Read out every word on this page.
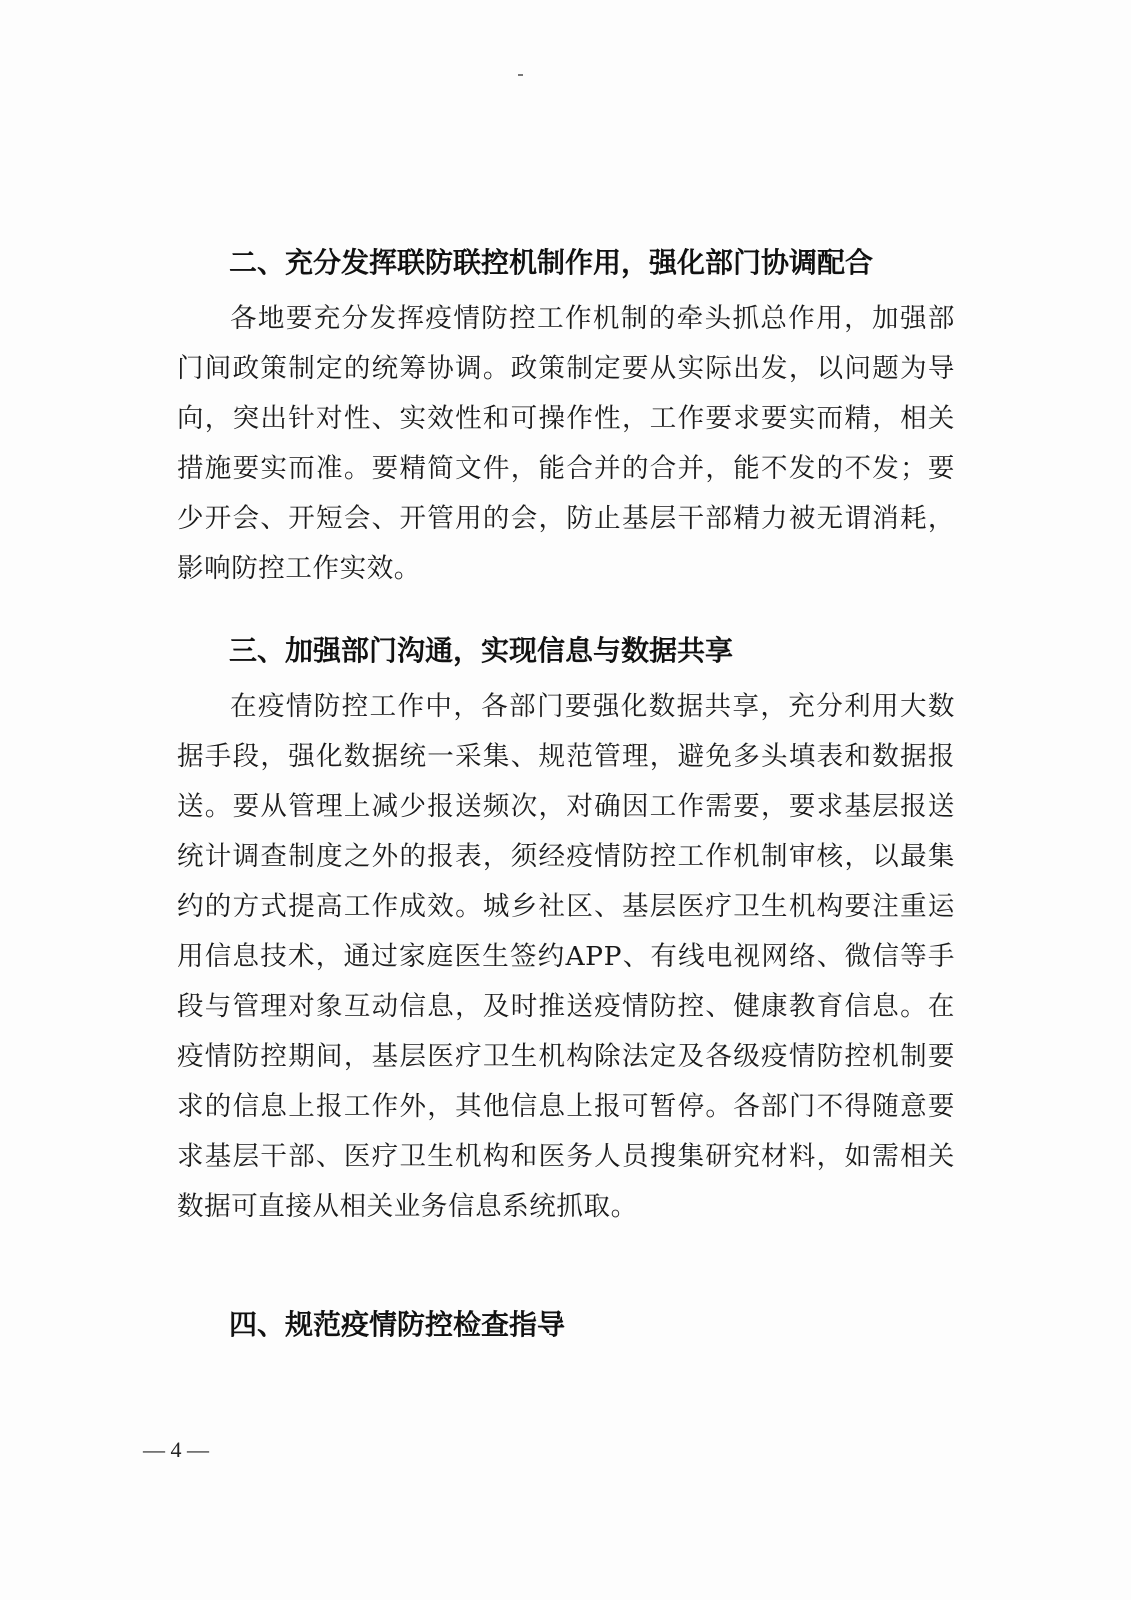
二、充分发挥联防联控机制作用，强化部门协调配合

各地要充分发挥疫情防控工作机制的牵头抓总作用，加强部门间政策制定的统筹协调。政策制定要从实际出发，以问题为导向，突出针对性、实效性和可操作性，工作要求要实而精，相关措施要实而准。要精简文件，能合并的合并，能不发的不发；要少开会、开短会、开管用的会，防止基层干部精力被无谓消耗，影响防控工作实效。

三、加强部门沟通，实现信息与数据共享

在疫情防控工作中，各部门要强化数据共享，充分利用大数据手段，强化数据统一采集、规范管理，避免多头填表和数据报送。要从管理上减少报送频次，对确因工作需要，要求基层报送统计调查制度之外的报表，须经疫情防控工作机制审核，以最集约的方式提高工作成效。城乡社区、基层医疗卫生机构要注重运用信息技术，通过家庭医生签约APP、有线电视网络、微信等手段与管理对象互动信息，及时推送疫情防控、健康教育信息。在疫情防控期间，基层医疗卫生机构除法定及各级疫情防控机制要求的信息上报工作外，其他信息上报可暂停。各部门不得随意要求基层干部、医疗卫生机构和医务人员搜集研究材料，如需相关数据可直接从相关业务信息系统抓取。

四、规范疫情防控检查指导
— 4 —
